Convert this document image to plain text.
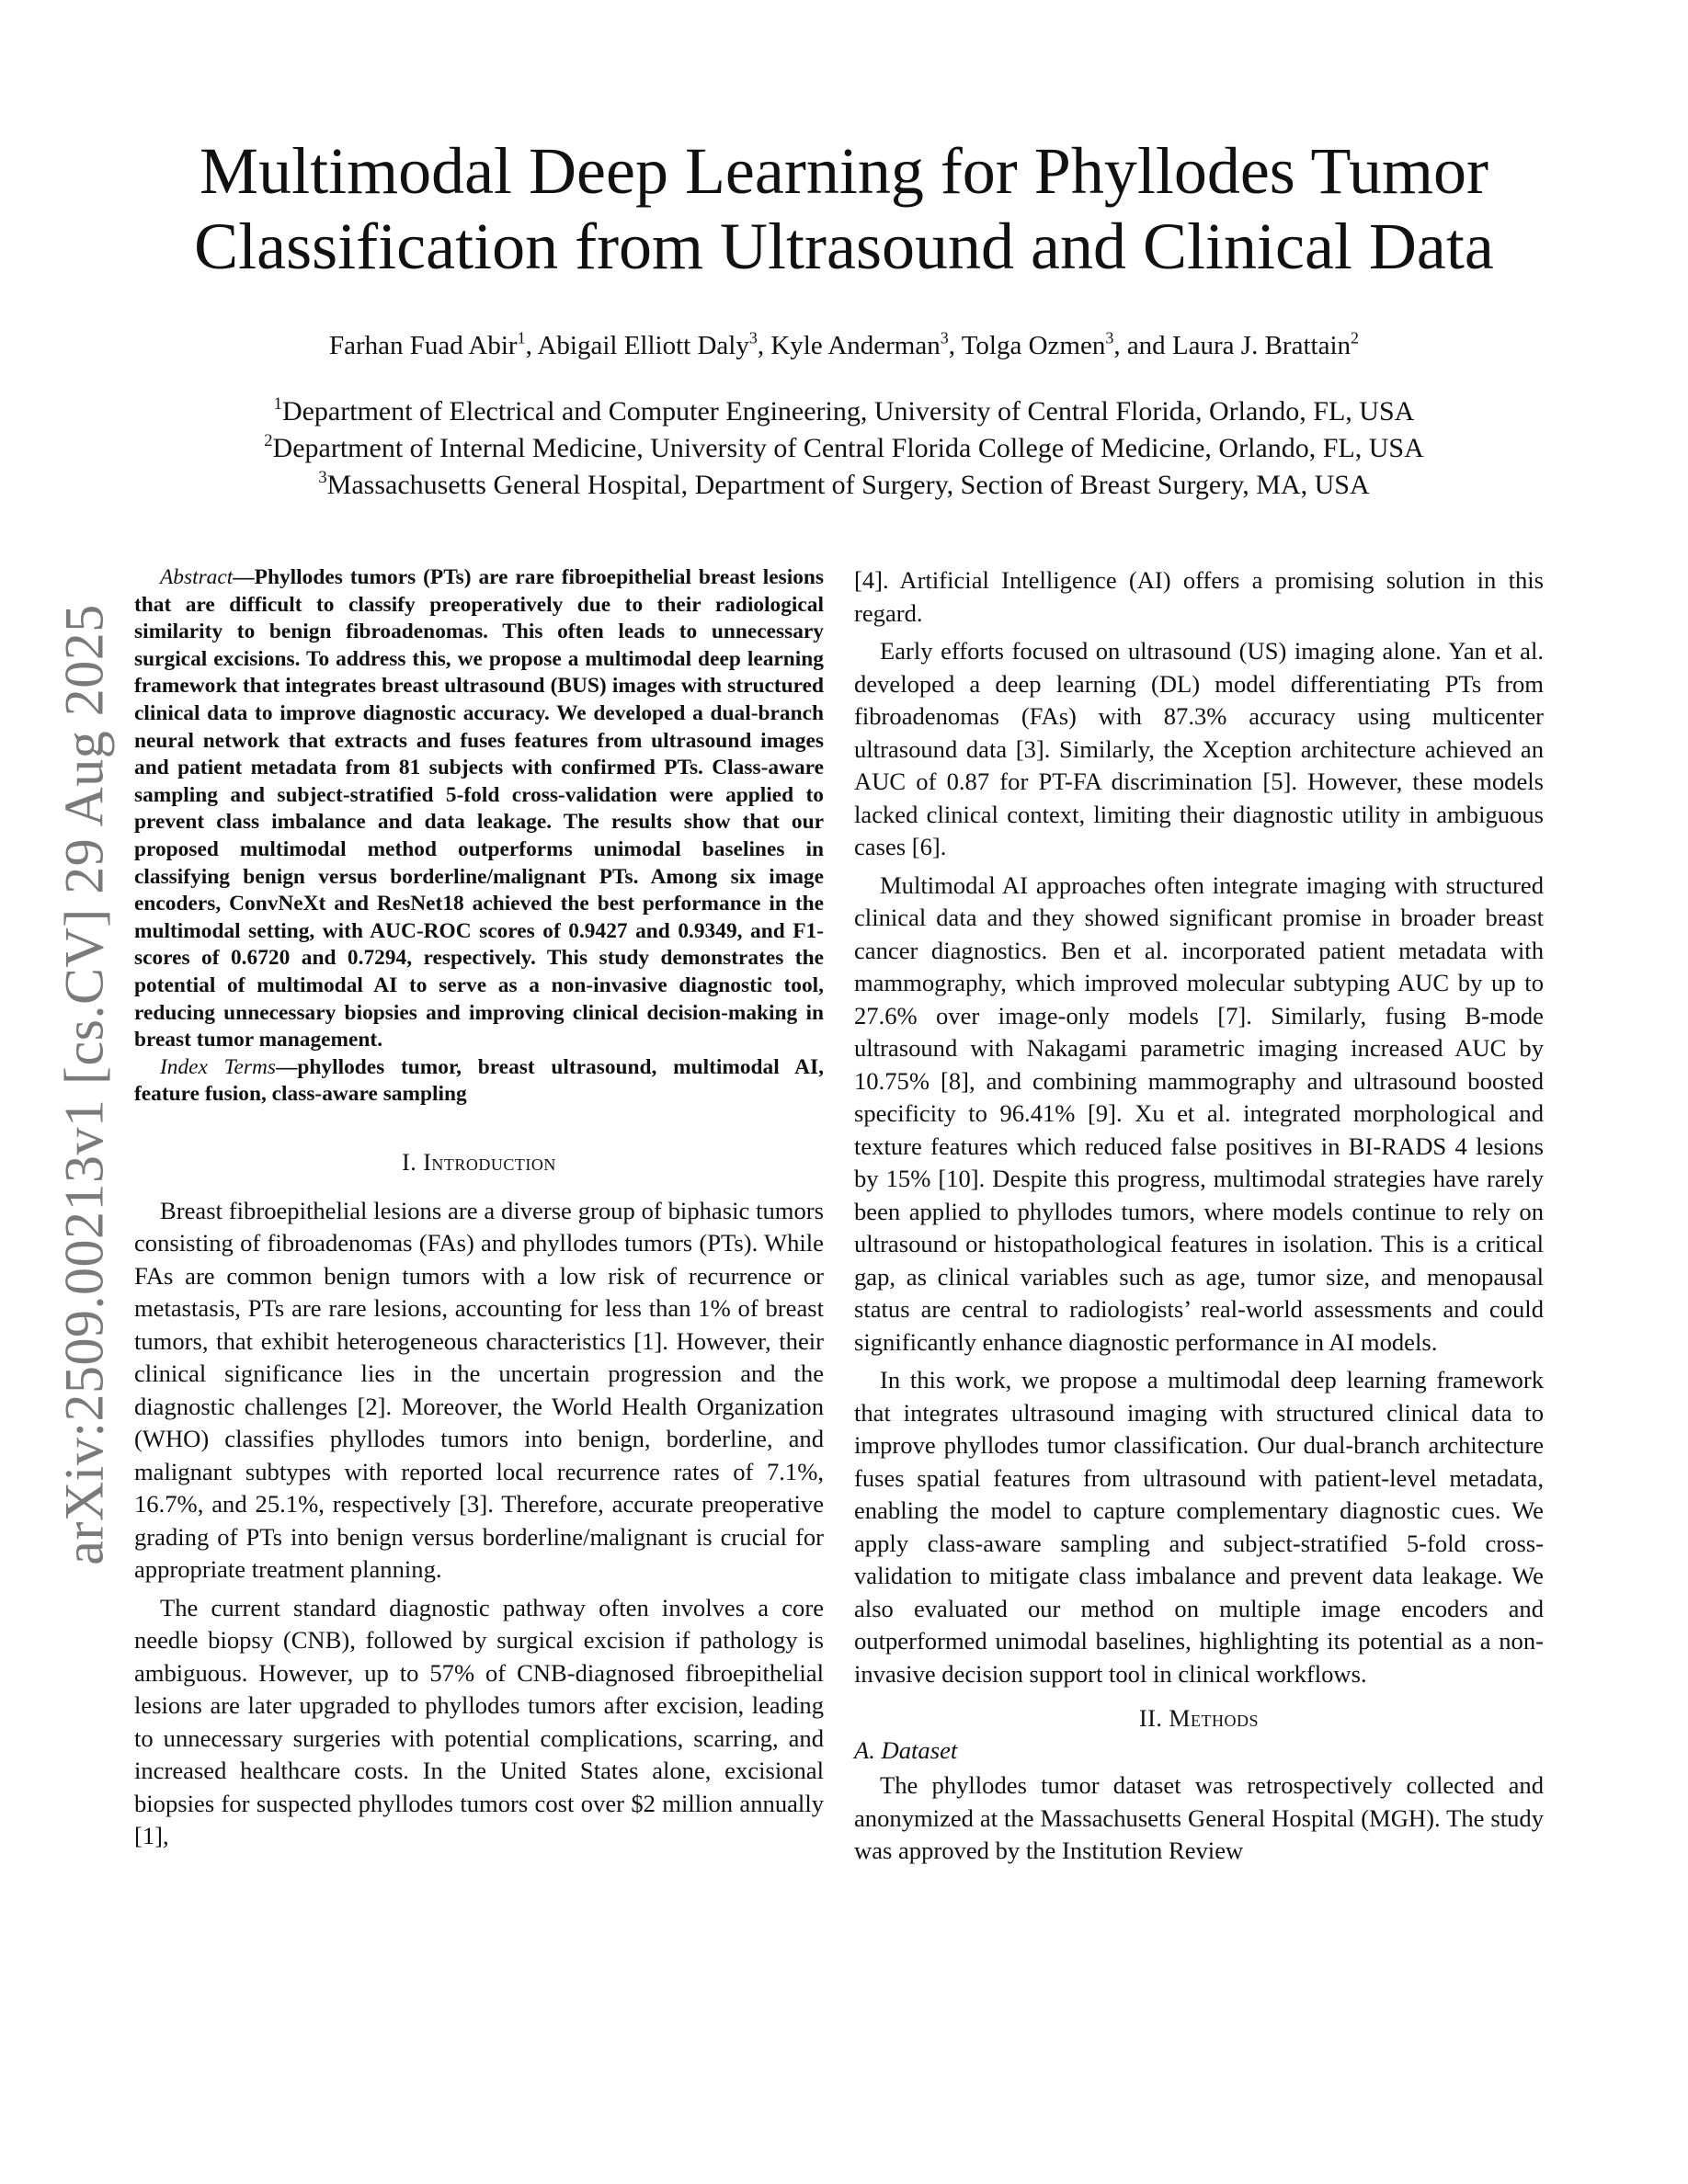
arXiv:2509.00213v1 [cs.CV] 29 Aug 2025
Multimodal Deep Learning for Phyllodes Tumor
Classification from Ultrasound and Clinical Data
Farhan Fuad Abir$^1$, Abigail Elliott Daly$^3$, Kyle Anderman$^3$, Tolga Ozmen$^3$, and Laura J. Brattain$^2$
$^1$Department of Electrical and Computer Engineering, University of Central Florida, Orlando, FL, USA
$^2$Department of Internal Medicine, University of Central Florida College of Medicine, Orlando, FL, USA
$^3$Massachusetts General Hospital, Department of Surgery, Section of Breast Surgery, MA, USA

Abstract—Phyllodes tumors (PTs) are rare fibroepithelial breast lesions that are difficult to classify preoperatively due to their radiological similarity to benign fibroadenomas. This often leads to unnecessary surgical excisions. To address this, we propose a multimodal deep learning framework that integrates breast ultrasound (BUS) images with structured clinical data to improve diagnostic accuracy. We developed a dual-branch neural network that extracts and fuses features from ultrasound images and patient metadata from 81 subjects with confirmed PTs. Class-aware sampling and subject-stratified 5-fold cross-validation were applied to prevent class imbalance and data leakage. The results show that our proposed multimodal method outperforms unimodal baselines in classifying benign versus borderline/malignant PTs. Among six image encoders, ConvNeXt and ResNet18 achieved the best performance in the multimodal setting, with AUC-ROC scores of 0.9427 and 0.9349, and F1-scores of 0.6720 and 0.7294, respectively. This study demonstrates the potential of multimodal AI to serve as a non-invasive diagnostic tool, reducing unnecessary biopsies and improving clinical decision-making in breast tumor management.

Index Terms—phyllodes tumor, breast ultrasound, multimodal AI, feature fusion, class-aware sampling

I. Introduction

Breast fibroepithelial lesions are a diverse group of biphasic tumors consisting of fibroadenomas (FAs) and phyllodes tumors (PTs). While FAs are common benign tumors with a low risk of recurrence or metastasis, PTs are rare lesions, accounting for less than 1% of breast tumors, that exhibit heterogeneous characteristics [1]. However, their clinical significance lies in the uncertain progression and the diagnostic challenges [2]. Moreover, the World Health Organization (WHO) classifies phyllodes tumors into benign, borderline, and malignant subtypes with reported local recurrence rates of 7.1%, 16.7%, and 25.1%, respectively [3]. Therefore, accurate preoperative grading of PTs into benign versus borderline/malignant is crucial for appropriate treatment planning.

The current standard diagnostic pathway often involves a core needle biopsy (CNB), followed by surgical excision if pathology is ambiguous. However, up to 57% of CNB-diagnosed fibroepithelial lesions are later upgraded to phyllodes tumors after excision, leading to unnecessary surgeries with potential complications, scarring, and increased healthcare costs. In the United States alone, excisional biopsies for suspected phyllodes tumors cost over $2 million annually [1],

[4]. Artificial Intelligence (AI) offers a promising solution in this regard.

Early efforts focused on ultrasound (US) imaging alone. Yan et al. developed a deep learning (DL) model differentiating PTs from fibroadenomas (FAs) with 87.3% accuracy using multicenter ultrasound data [3]. Similarly, the Xception architecture achieved an AUC of 0.87 for PT-FA discrimination [5]. However, these models lacked clinical context, limiting their diagnostic utility in ambiguous cases [6].

Multimodal AI approaches often integrate imaging with structured clinical data and they showed significant promise in broader breast cancer diagnostics. Ben et al. incorporated patient metadata with mammography, which improved molecular subtyping AUC by up to 27.6% over image-only models [7]. Similarly, fusing B-mode ultrasound with Nakagami parametric imaging increased AUC by 10.75% [8], and combining mammography and ultrasound boosted specificity to 96.41% [9]. Xu et al. integrated morphological and texture features which reduced false positives in BI-RADS 4 lesions by 15% [10]. Despite this progress, multimodal strategies have rarely been applied to phyllodes tumors, where models continue to rely on ultrasound or histopathological features in isolation. This is a critical gap, as clinical variables such as age, tumor size, and menopausal status are central to radiologists’ real-world assessments and could significantly enhance diagnostic performance in AI models.

In this work, we propose a multimodal deep learning framework that integrates ultrasound imaging with structured clinical data to improve phyllodes tumor classification. Our dual-branch architecture fuses spatial features from ultrasound with patient-level metadata, enabling the model to capture complementary diagnostic cues. We apply class-aware sampling and subject-stratified 5-fold cross-validation to mitigate class imbalance and prevent data leakage. We also evaluated our method on multiple image encoders and outperformed unimodal baselines, highlighting its potential as a non-invasive decision support tool in clinical workflows.

II. Methods
A. Dataset

The phyllodes tumor dataset was retrospectively collected and anonymized at the Massachusetts General Hospital (MGH). The study was approved by the Institution Review
